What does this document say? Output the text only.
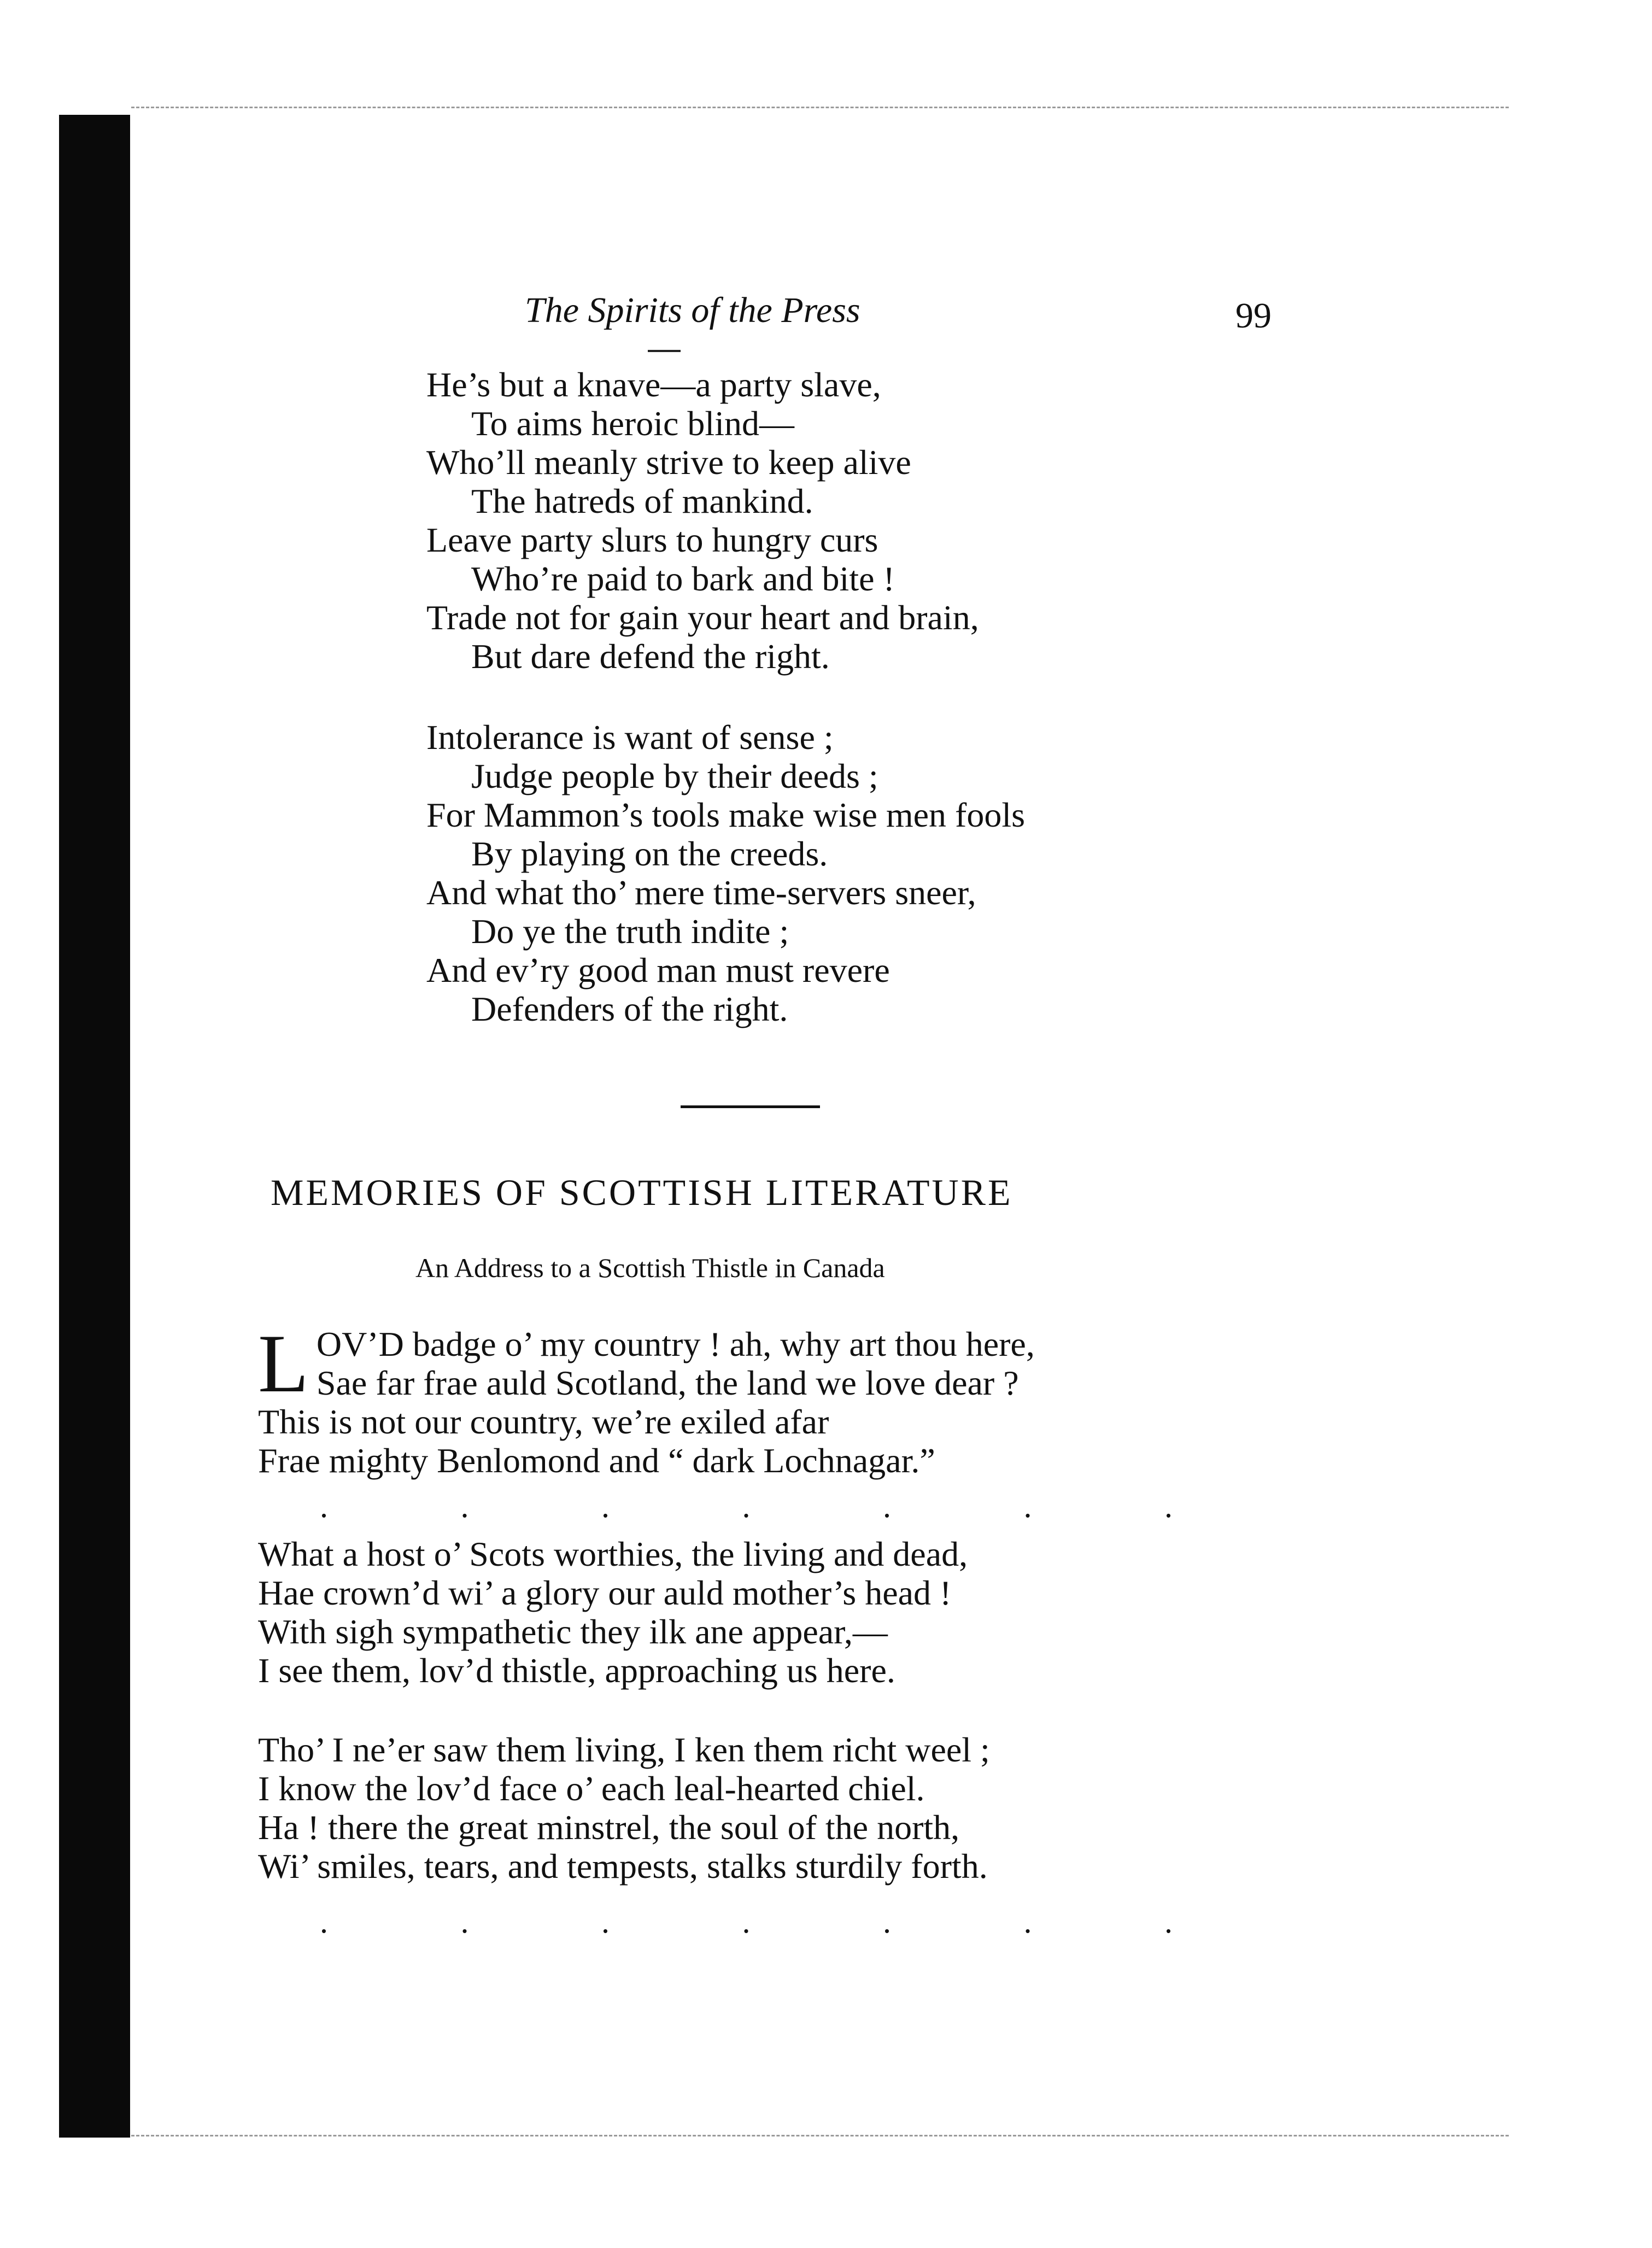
The Spirits of the Press	99
He’s but a knave—a party slave,
To aims heroic blind—
Who’ll meanly strive to keep alive
The hatreds of mankind.
Leave party slurs to hungry curs
Who’re paid to bark and bite !
Trade not for gain your heart and brain,
But dare defend the right.
Intolerance is want of sense ;
Judge people by their deeds ;
For Mammon’s tools make wise men fools
By playing on the creeds.
And what tho’ mere time-servers sneer,
Do ye the truth indite ;
And ev’ry good man must revere
Defenders of the right.
MEMORIES OF SCOTTISH LITERATURE
An Address to a Scottish Thistle in Canada
L OV’D badge o’ my country ! ah, why art thou here,
Sae far frae auld Scotland, the land we love dear ?
This is not our country, we’re exiled afar
Frae mighty Benlomond and “ dark Lochnagar.”
.	.	.	.	.	.	.
What a host o’ Scots worthies, the living and dead,
Hae crown’d wi’ a glory our auld mother’s head !
With sigh sympathetic they ilk ane appear,—
I see them, lov’d thistle, approaching us here.
Tho’ I ne’er saw them living, I ken them richt weel ;
I know the lov’d face o’ each leal-hearted chiel.
Ha ! there the great minstrel, the soul of the north,
Wi’ smiles, tears, and tempests, stalks sturdily forth.
.	.	.	.	.	.	.
